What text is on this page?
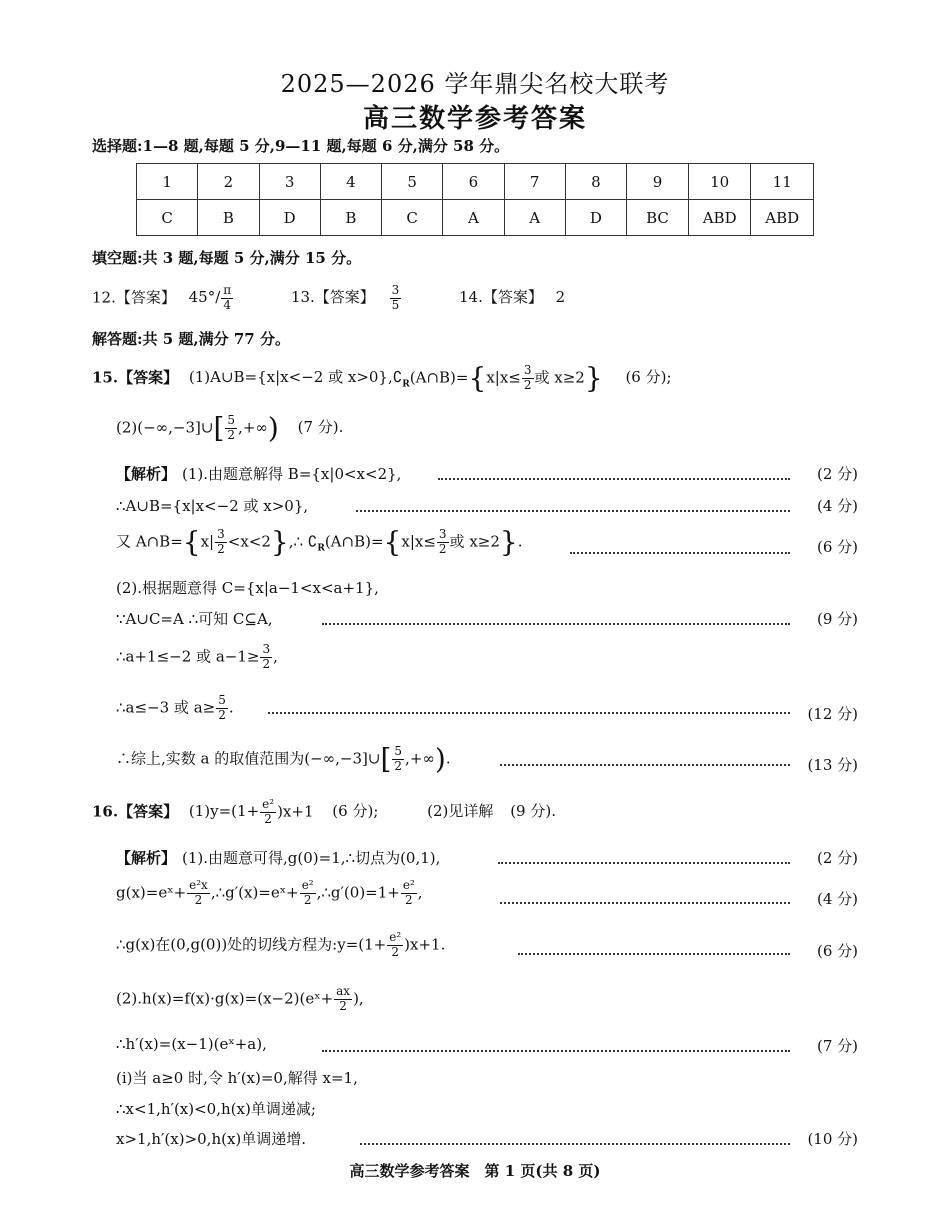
2025—2026 学年鼎尖名校大联考
高三数学参考答案
选择题:1—8 题,每题 5 分,9—11 题,每题 6 分,满分 58 分。
1	2	3	4	5	6	7	8	9	10	11
C	B	D	B	C	A	A	D	BC	ABD	ABD
填空题:共 3 题,每题 5 分,满分 15 分。
12.【答案】 $45^\circ/ \frac{\pi}{4}$	13.【答案】 $\frac{3}{5}$	14.【答案】 2
解答题:共 5 题,满分 77 分。
15.【答案】 (1)A∪B={x|x<−2 或 $x>0\},∁_R(A\cap B)=\{x|x\le \frac{3}{2}$ 或 x≥2} (6 分);
(2)(−∞,−3]∪[ $\frac{5}{2}$ ,+∞) (7 分).
【解析】 (1).由题意解得 B={x|0<x<2},	(2 分)
∴A∪B={x|x<−2 或 x>0},	(4 分)
又 A∩B={x| $\frac{3}{2}$ <x<2},∴ $∁_R(A\cap B)=\{x|x\le \frac{3}{2}$ 或 x≥2}.	(6 分)
(2).根据题意得 C={x|a−1<x<a+1},
∵A∪C=A ∴可知 C⊆A,	(9 分)
∴a+1≤−2 或 $a-1\ge \frac{3}{2}$ ,
∴a≤−3 或 $a\ge \frac{5}{2}$ .	(12 分)
∴综上,实数 a 的取值范围为(−∞,−3]∪[ $\frac{5}{2}$ ,+∞).	(13 分)
16.【答案】 $(1)y=(1+ \frac{\text{e²}}{2} )x+1$ (6 分);	(2)见详解 (9 分).
【解析】 (1).由题意可得,g(0)=1,∴切点为(0,1),	(2 分)
g(x)=eˣ+ $\frac{\text{e²x}}{2}$ ,∴g′(x)=eˣ+ $\frac{\text{e²}}{2}$ ,∴g′(0)=1+ $\frac{\text{e²}}{2}$ ,	(4 分)
∴g(x)在(0,g(0))处的切线方程为:y=(1+ $\frac{\text{e²}}{2} )x+1$.	(6 分)
(2).h(x)=f(x)·g(x)=(x−2)(eˣ+ $\frac{ax}{2}$ ),
∴h′(x)=(x−1)(eˣ+a),	(7 分)
(i)当 a≥0 时,令 h′(x)=0,解得 x=1,
∴x<1,h′(x)<0,h(x)单调递减;
x>1,h′(x)>0,h(x)单调递增.	(10 分)
高三数学参考答案　第 1 页(共 8 页)
